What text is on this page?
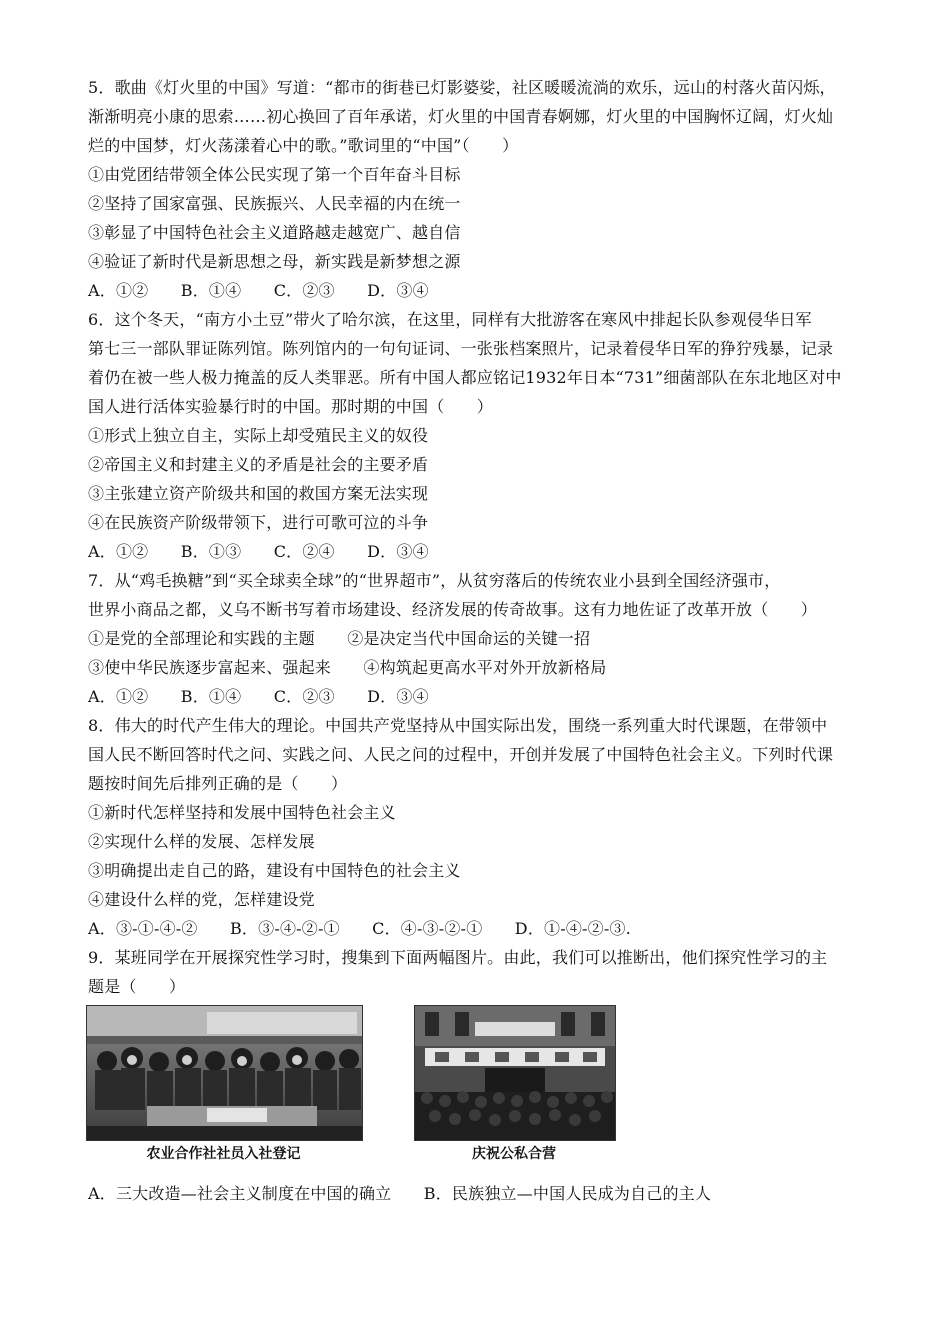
5．歌曲《灯火里的中国》写道：“都市的街巷已灯影婆娑，社区暖暖流淌的欢乐，远山的村落火苗闪烁，
渐渐明亮小康的思索……初心换回了百年承诺，灯火里的中国青春婀娜，灯火里的中国胸怀辽阔，灯火灿
烂的中国梦，灯火荡漾着心中的歌。”歌词里的“中国”（　　）
①由党团结带领全体公民实现了第一个百年奋斗目标
②坚持了国家富强、民族振兴、人民幸福的内在统一
③彰显了中国特色社会主义道路越走越宽广、越自信
④验证了新时代是新思想之母，新实践是新梦想之源
A．①②　　B．①④　　C．②③　　D．③④
6．这个冬天，“南方小土豆”带火了哈尔滨，在这里，同样有大批游客在寒风中排起长队参观侵华日军
第七三一部队罪证陈列馆。陈列馆内的一句句证词、一张张档案照片，记录着侵华日军的狰狞残暴，记录
着仍在被一些人极力掩盖的反人类罪恶。所有中国人都应铭记1932年日本“731”细菌部队在东北地区对中
国人进行活体实验暴行时的中国。那时期的中国（　　）
①形式上独立自主，实际上却受殖民主义的奴役
②帝国主义和封建主义的矛盾是社会的主要矛盾
③主张建立资产阶级共和国的救国方案无法实现
④在民族资产阶级带领下，进行可歌可泣的斗争
A．①②　　B．①③　　C．②④　　D．③④
7．从“鸡毛换糖”到“买全球卖全球”的“世界超市”，从贫穷落后的传统农业小县到全国经济强市，
世界小商品之都，义乌不断书写着市场建设、经济发展的传奇故事。这有力地佐证了改革开放（　　）
①是党的全部理论和实践的主题　　②是决定当代中国命运的关键一招
③使中华民族逐步富起来、强起来　　④构筑起更高水平对外开放新格局
A．①②　　B．①④　　C．②③　　D．③④
8．伟大的时代产生伟大的理论。中国共产党坚持从中国实际出发，围绕一系列重大时代课题，在带领中
国人民不断回答时代之问、实践之问、人民之问的过程中，开创并发展了中国特色社会主义。下列时代课
题按时间先后排列正确的是（　　）
①新时代怎样坚持和发展中国特色社会主义
②实现什么样的发展、怎样发展
③明确提出走自己的路，建设有中国特色的社会主义
④建设什么样的党，怎样建设党
A．③-①-④-②　　B．③-④-②-①　　C．④-③-②-①　　D．①-④-②-③.
9．某班同学在开展探究性学习时，搜集到下面两幅图片。由此，我们可以推断出，他们探究性学习的主
题是（　　）
农业合作社社员入社登记	庆祝公私合营
A．三大改造—社会主义制度在中国的确立　　B．民族独立—中国人民成为自己的主人
